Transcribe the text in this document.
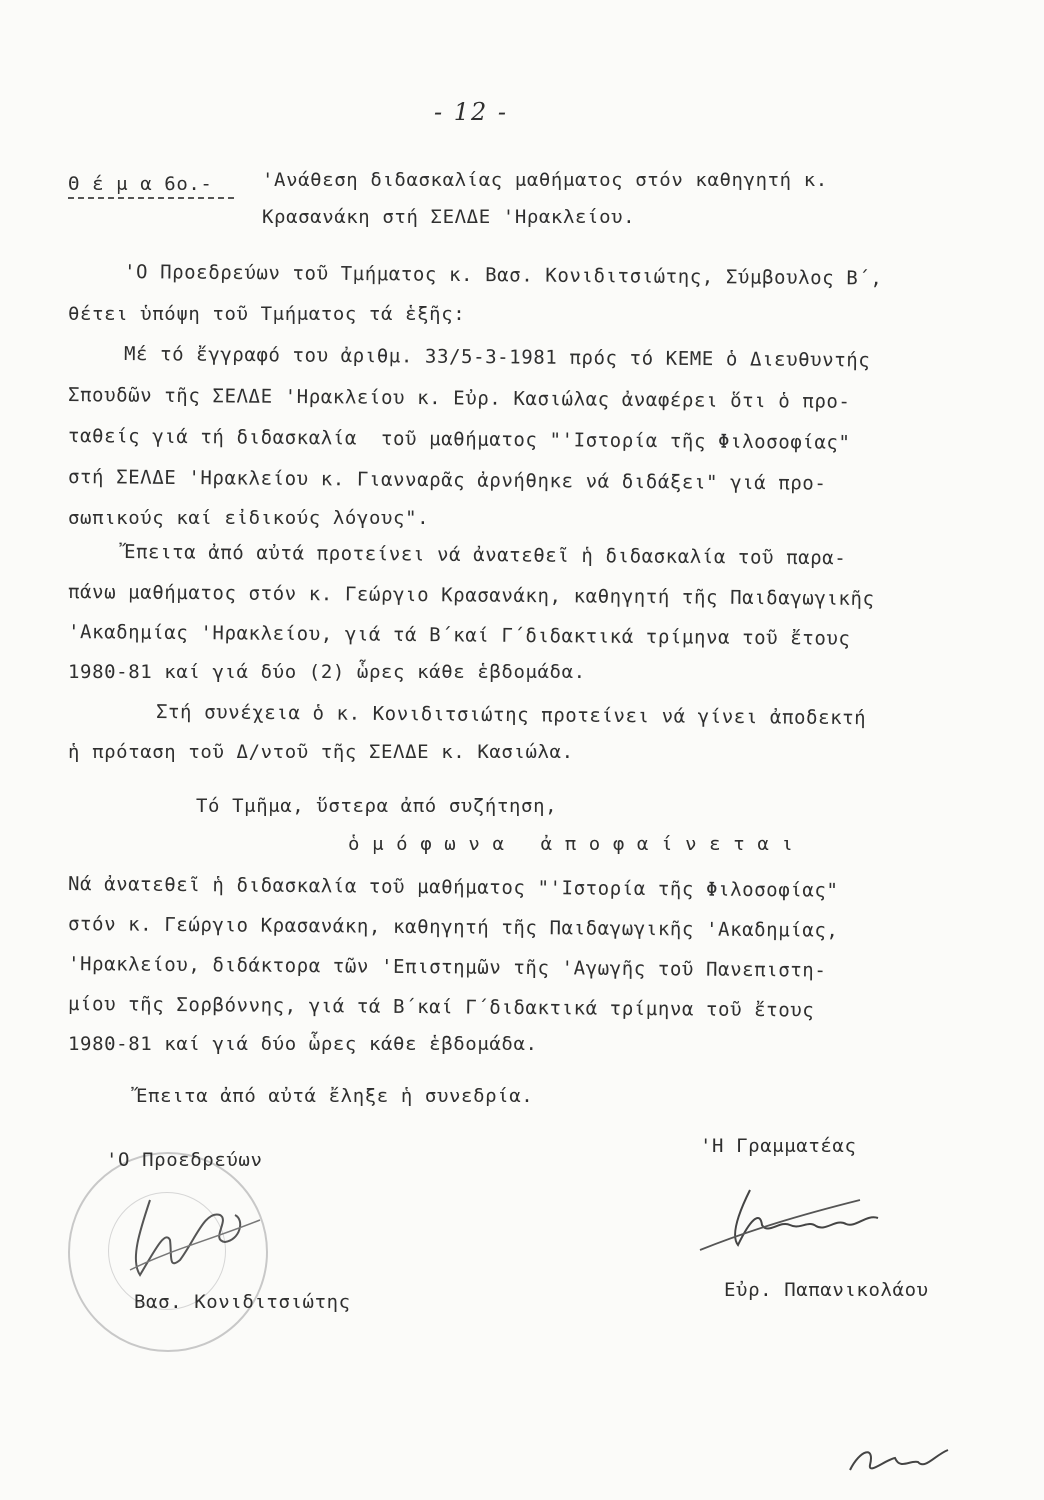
- 12 -
Θ έ μ α 6ο.-	'Ανάθεση διδασκαλίας μαθήματος στόν καθηγητή κ.
Κρασανάκη στή ΣΕΛΔΕ 'Ηρακλείου.
'Ο Προεδρεύων τοῦ Τμήματος κ. Βασ. Κονιδιτσιώτης, Σύμβουλος Β΄,
θέτει ὑπόψη τοῦ Τμήματος τά ἑξῆς:
Μέ τό ἔγγραφό του ἀριθμ. 33/5-3-1981 πρός τό ΚΕΜΕ ὁ Διευθυντής
Σπουδῶν τῆς ΣΕΛΔΕ 'Ηρακλείου κ. Εὐρ. Κασιώλας ἀναφέρει ὅτι ὁ προ-
ταθείς γιά τή διδασκαλία  τοῦ μαθήματος "'Ιστορία τῆς Φιλοσοφίας"
στή ΣΕΛΔΕ 'Ηρακλείου κ. Γιανναρᾶς ἀρνήθηκε νά διδάξει" γιά προ-
σωπικούς καί εἰδικούς λόγους".
Ἔπειτα ἀπό αὐτά προτείνει νά ἀνατεθεῖ ἡ διδασκαλία τοῦ παρα-
πάνω μαθήματος στόν κ. Γεώργιο Κρασανάκη, καθηγητή τῆς Παιδαγωγικῆς
'Ακαδημίας 'Ηρακλείου, γιά τά Β΄καί Γ΄διδακτικά τρίμηνα τοῦ ἔτους
1980-81 καί γιά δύο (2) ὧρες κάθε ἑβδομάδα.
Στή συνέχεια ὁ κ. Κονιδιτσιώτης προτείνει νά γίνει ἀποδεκτή
ἡ πρόταση τοῦ Δ/ντοῦ τῆς ΣΕΛΔΕ κ. Κασιώλα.
Τό Τμῆμα, ὕστερα ἀπό συζήτηση,
ὁ μ ό φ ω ν α   ἀ π ο φ α ί ν ε τ α ι
Νά ἀνατεθεῖ ἡ διδασκαλία τοῦ μαθήματος "'Ιστορία τῆς Φιλοσοφίας"
στόν κ. Γεώργιο Κρασανάκη, καθηγητή τῆς Παιδαγωγικῆς 'Ακαδημίας,
'Ηρακλείου, διδάκτορα τῶν 'Επιστημῶν τῆς 'Αγωγῆς τοῦ Πανεπιστη-
μίου τῆς Σορβόννης, γιά τά Β΄καί Γ΄διδακτικά τρίμηνα τοῦ ἔτους
1980-81 καί γιά δύο ὧρες κάθε ἑβδομάδα.
Ἔπειτα ἀπό αὐτά ἔληξε ἡ συνεδρία.
'Ο Προεδρεύων
'Η Γραμματέας
Βασ. Κονιδιτσιώτης
Εὐρ. Παπανικολάου
